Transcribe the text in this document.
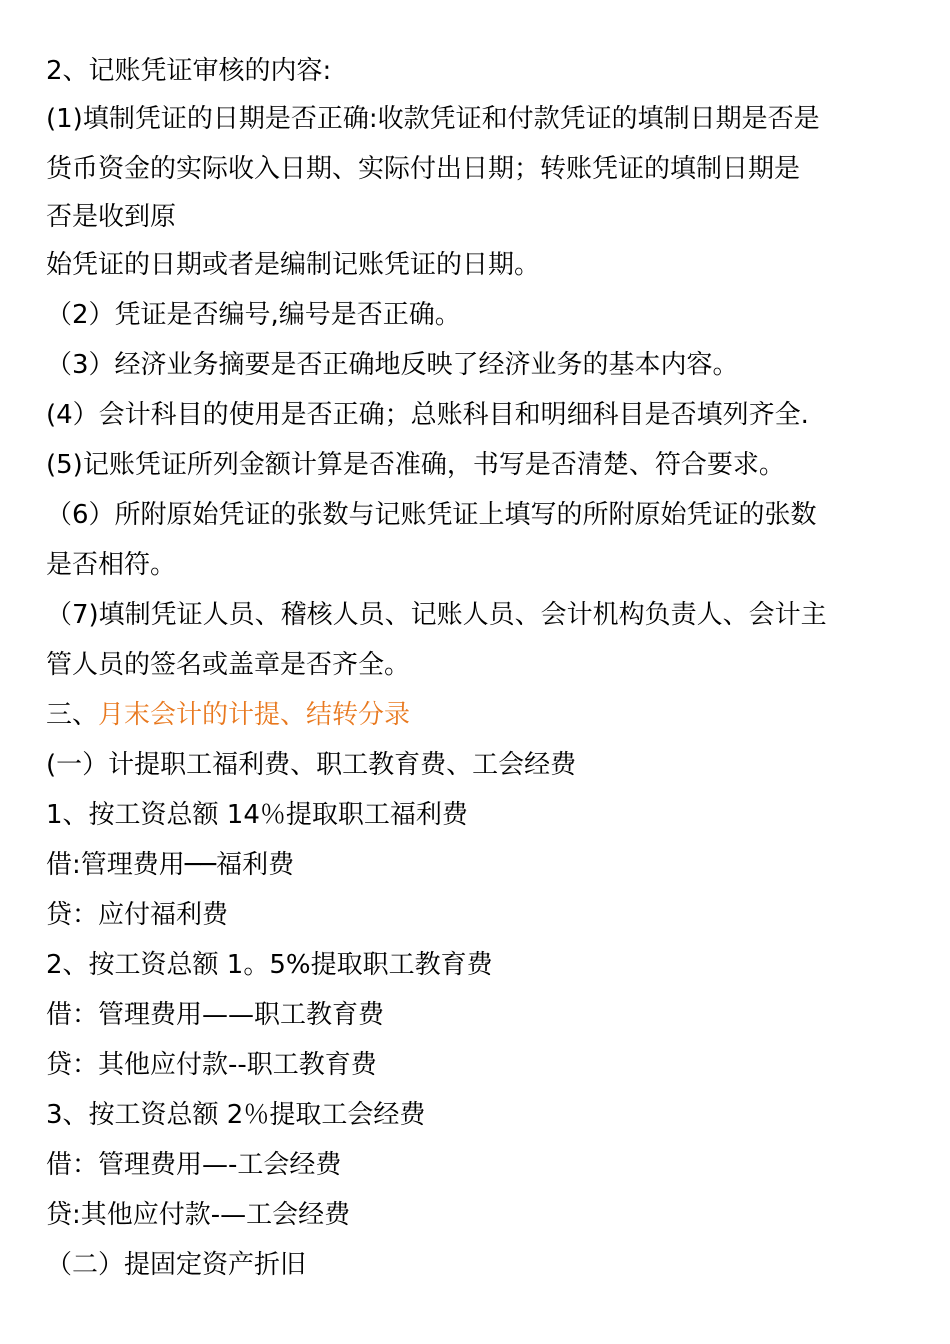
2、记账凭证审核的内容:
(1)填制凭证的日期是否正确:收款凭证和付款凭证的填制日期是否是
货币资金的实际收入日期、实际付出日期；转账凭证的填制日期是
否是收到原
始凭证的日期或者是编制记账凭证的日期。
（2）凭证是否编号,编号是否正确。
（3）经济业务摘要是否正确地反映了经济业务的基本内容。
(4）会计科目的使用是否正确；总账科目和明细科目是否填列齐全.
(5)记账凭证所列金额计算是否准确，书写是否清楚、符合要求。
（6）所附原始凭证的张数与记账凭证上填写的所附原始凭证的张数
是否相符。
（7)填制凭证人员、稽核人员、记账人员、会计机构负责人、会计主
管人员的签名或盖章是否齐全。
三、月末会计的计提、结转分录
(一）计提职工福利费、职工教育费、工会经费
1、按工资总额 14％提取职工福利费
借:管理费用──福利费
贷：应付福利费
2、按工资总额 1。5%提取职工教育费
借：管理费用——职工教育费
贷：其他应付款--职工教育费
3、按工资总额 2％提取工会经费
借：管理费用—-工会经费
贷:其他应付款-—工会经费
（二）提固定资产折旧
